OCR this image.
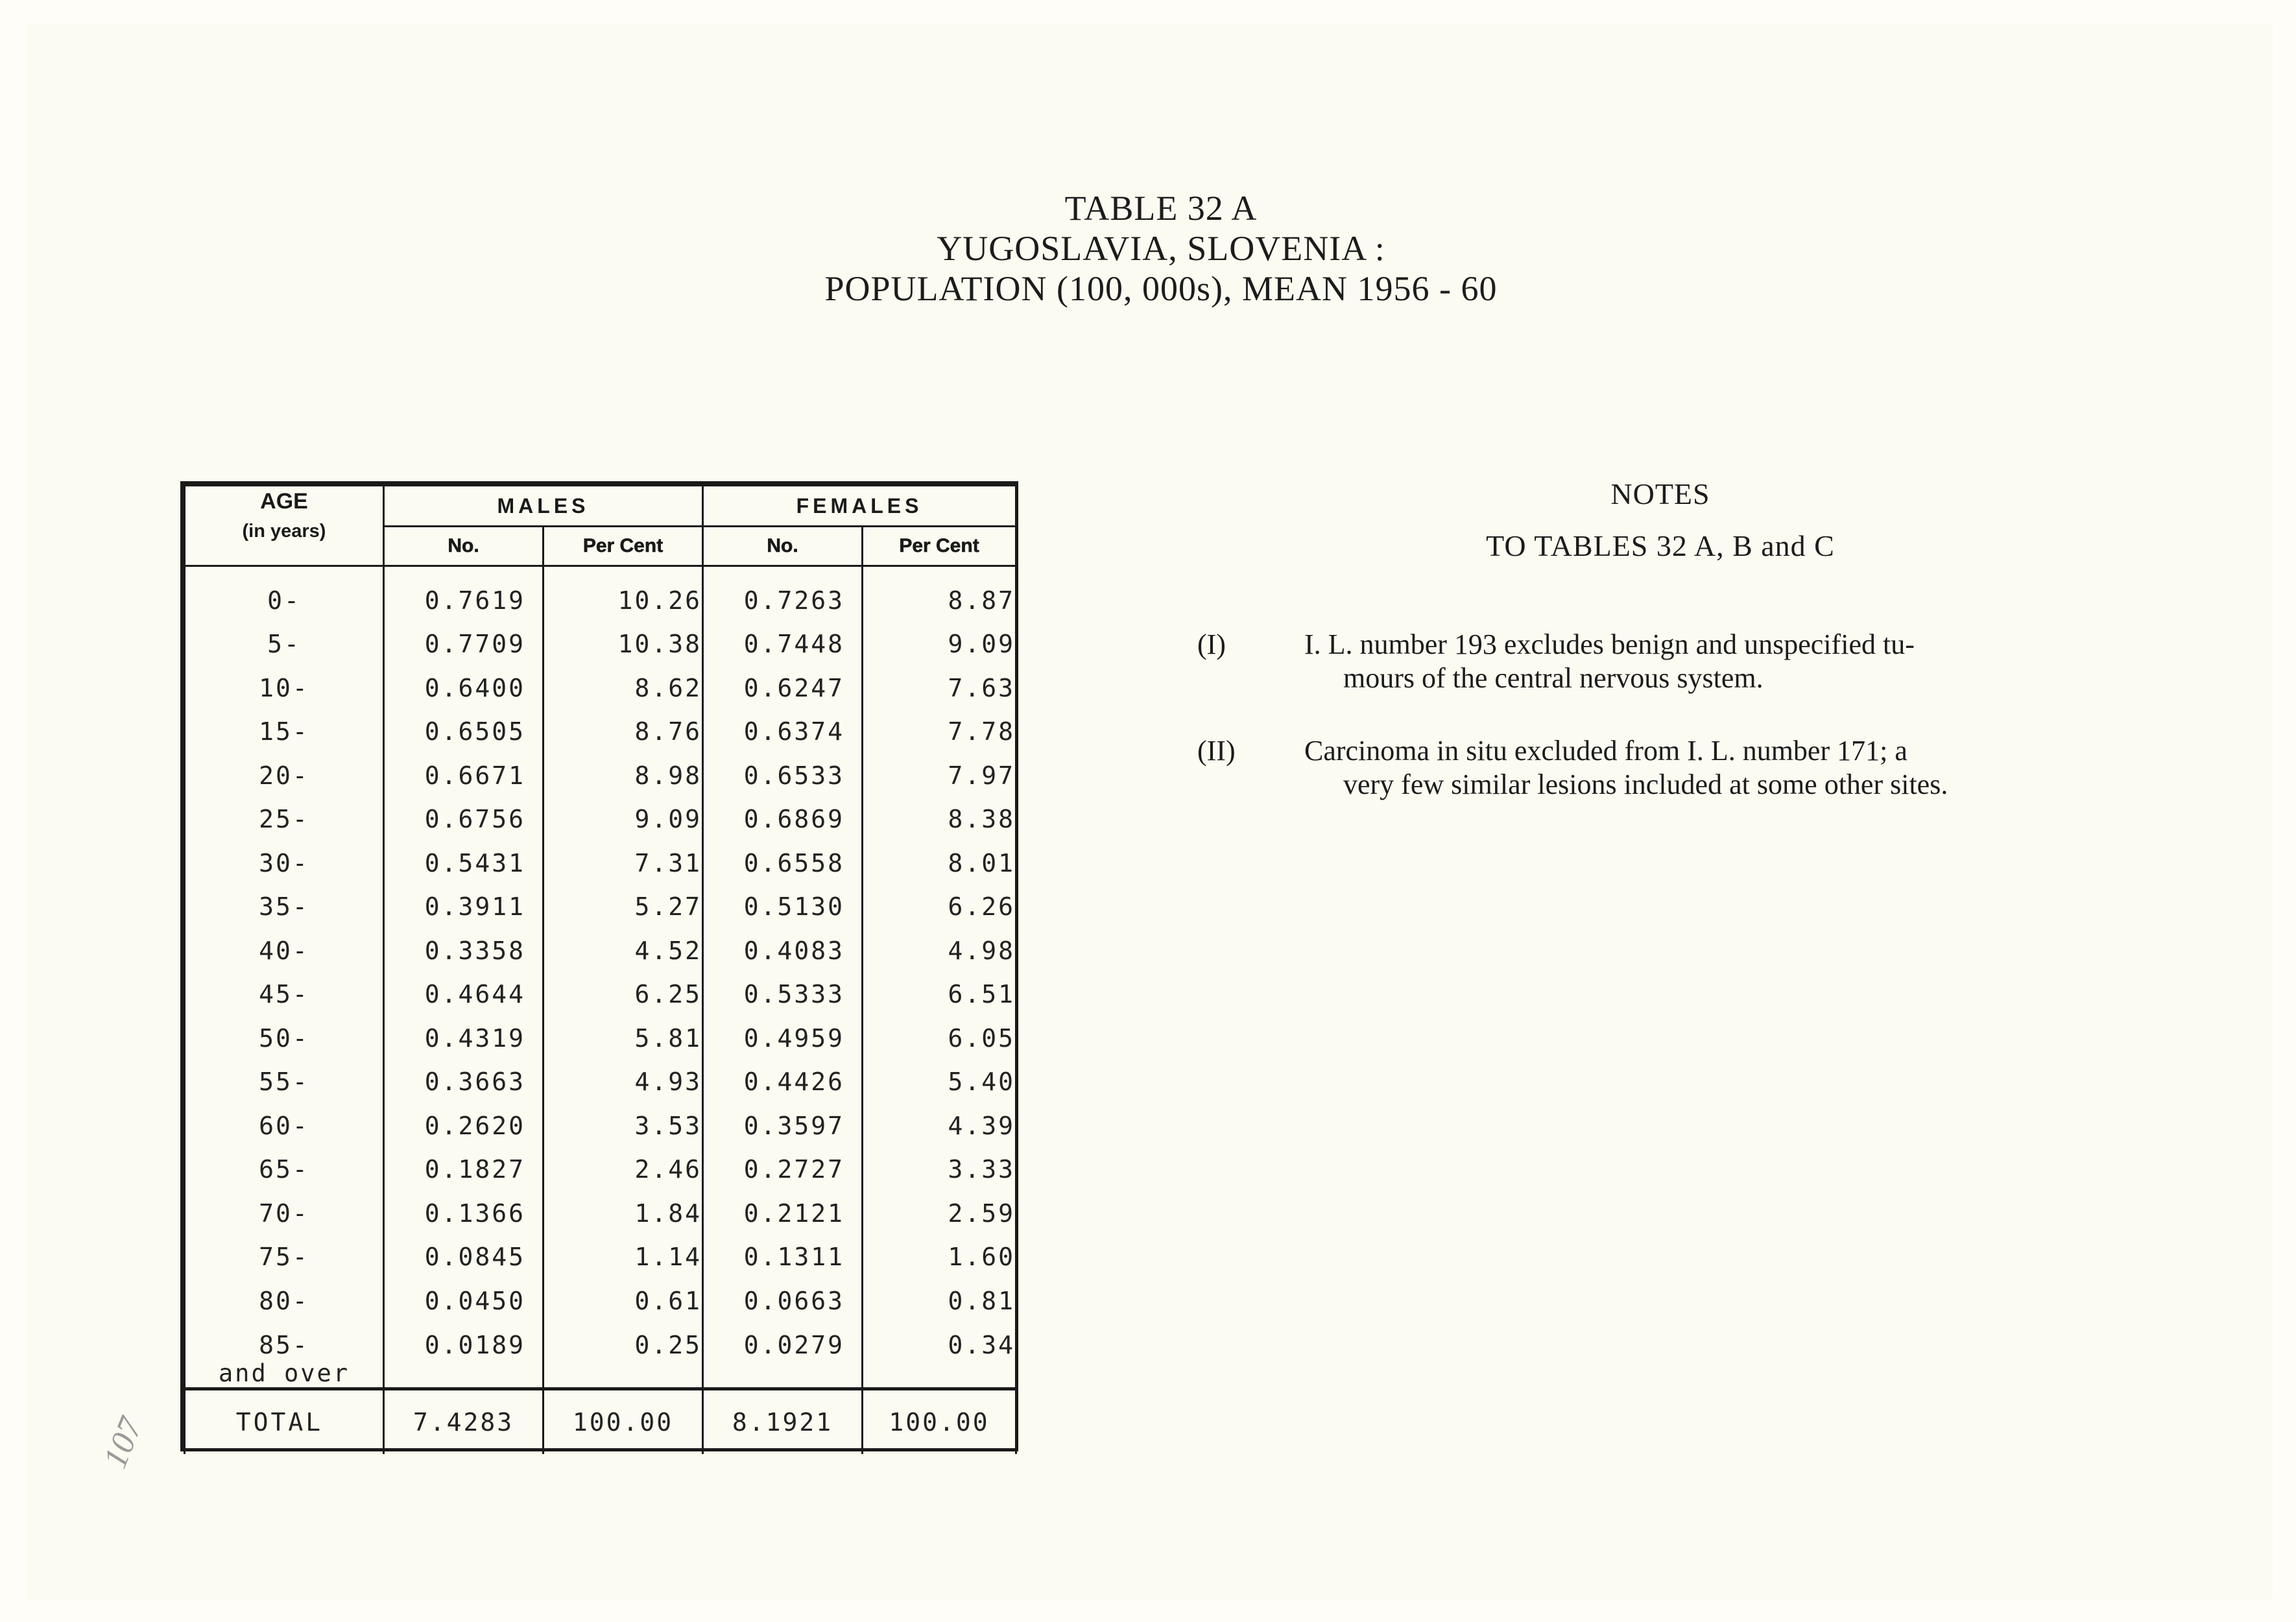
TABLE 32 A
YUGOSLAVIA, SLOVENIA :
POPULATION (100, 000s), MEAN 1956 - 60
AGE
(in years)	MALES		FEMALES	
	No.	Per Cent	No.	Per Cent
0-	0.7619	10.26	0.7263	8.87
5-	0.7709	10.38	0.7448	9.09
10-	0.6400	8.62	0.6247	7.63
15-	0.6505	8.76	0.6374	7.78
20-	0.6671	8.98	0.6533	7.97
25-	0.6756	9.09	0.6869	8.38
30-	0.5431	7.31	0.6558	8.01
35-	0.3911	5.27	0.5130	6.26
40-	0.3358	4.52	0.4083	4.98
45-	0.4644	6.25	0.5333	6.51
50-	0.4319	5.81	0.4959	6.05
55-	0.3663	4.93	0.4426	5.40
60-	0.2620	3.53	0.3597	4.39
65-	0.1827	2.46	0.2727	3.33
70-	0.1366	1.84	0.2121	2.59
75-	0.0845	1.14	0.1311	1.60
80-	0.0450	0.61	0.0663	0.81
85-
and over	0.0189	0.25	0.0279	0.34
TOTAL	7.4283	100.00	8.1921	100.00
NOTES
TO TABLES 32 A, B and C
(I)	I. L. number 193 excludes benign and unspecified tu-
mours of the central nervous system.
(II) Carcinoma in situ excluded from I. L. number 171; a
very few similar lesions included at some other sites.
107
